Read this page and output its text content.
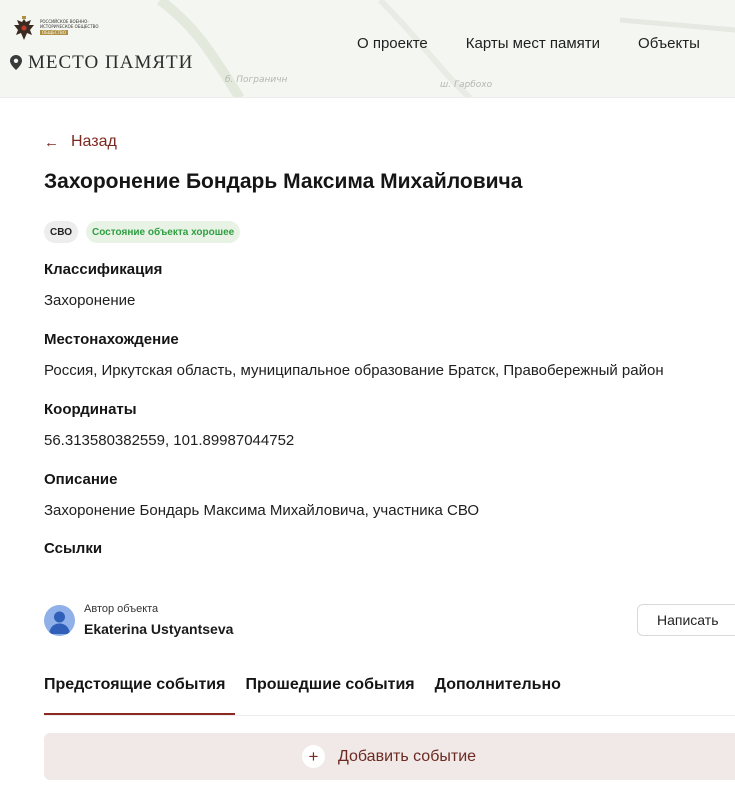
б. Пограничн	ш. Гарбохо
РОССИЙСКОЕ ВОЕННО-ИСТОРИЧЕСКОЕ ОБЩЕСТВО
ОБЩЕСТВО
МЕСТО ПАМЯТИ
О проекте	Карты мест памяти	Объекты
← Назад
Захоронение Бондарь Максима Михайловича
СВО	Состояние объекта хорошее
Классификация
Захоронение
Местонахождение
Россия, Иркутская область, муниципальное образование Братск, Правобережный район
Координаты
56.313580382559, 101.89987044752
Описание
Захоронение Бондарь Максима Михайловича, участника СВО
Ссылки
Автор объекта
Ekaterina Ustyantseva
Написать
Предстоящие события Прошедшие события Дополнительно
+	Добавить событие
